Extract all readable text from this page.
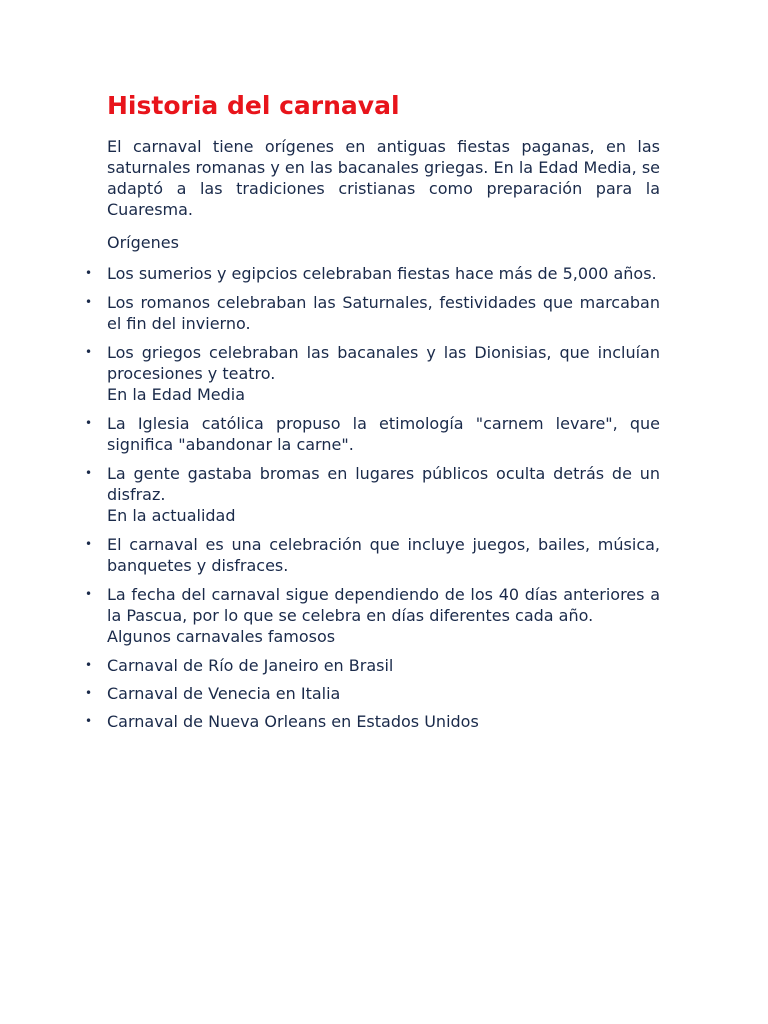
Historia del carnaval

El carnaval tiene orígenes en antiguas fiestas paganas, en las saturnales romanas y en las bacanales griegas. En la Edad Media, se adaptó a las tradiciones cristianas como preparación para la Cuaresma.

Orígenes
• Los sumerios y egipcios celebraban fiestas hace más de 5,000 años.
• Los romanos celebraban las Saturnales, festividades que marcaban el fin del invierno.
• Los griegos celebraban las bacanales y las Dionisias, que incluían procesiones y teatro.
En la Edad Media
• La Iglesia católica propuso la etimología "carnem levare", que significa "abandonar la carne".
• La gente gastaba bromas en lugares públicos oculta detrás de un disfraz.
En la actualidad
• El carnaval es una celebración que incluye juegos, bailes, música, banquetes y disfraces.
• La fecha del carnaval sigue dependiendo de los 40 días anteriores a la Pascua, por lo que se celebra en días diferentes cada año.
Algunos carnavales famosos
• Carnaval de Río de Janeiro en Brasil
• Carnaval de Venecia en Italia
• Carnaval de Nueva Orleans en Estados Unidos
